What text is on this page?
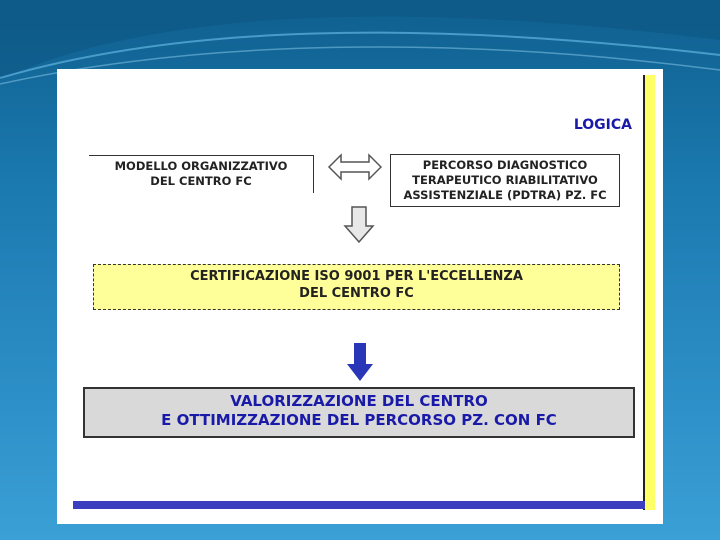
LOGICA
MODELLO ORGANIZZATIVO
DEL CENTRO FC
PERCORSO DIAGNOSTICO
TERAPEUTICO RIABILITATIVO
ASSISTENZIALE (PDTRA) PZ. FC
CERTIFICAZIONE ISO 9001 PER L'ECCELLENZA
DEL CENTRO FC
VALORIZZAZIONE DEL CENTRO
E OTTIMIZZAZIONE DEL PERCORSO PZ. CON FC
